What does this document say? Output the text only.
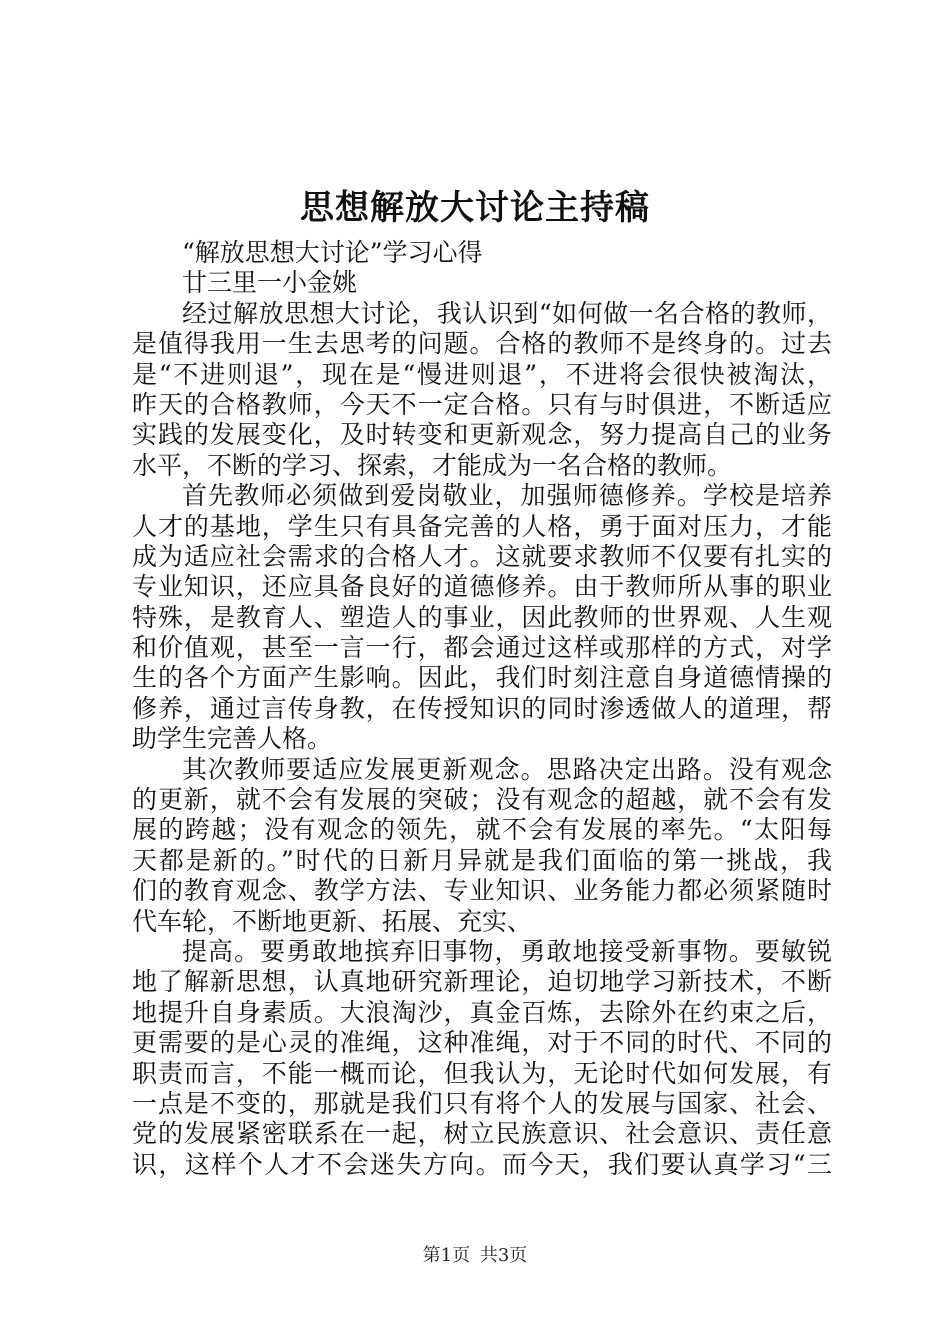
思想解放大讨论主持稿
“解放思想大讨论”学习心得
廿三里一小金姚
经过解放思想大讨论，我认识到“如何做一名合格的教师，
是值得我用一生去思考的问题。合格的教师不是终身的。过去
是“不进则退”，现在是“慢进则退”，不进将会很快被淘汰，
昨天的合格教师，今天不一定合格。只有与时俱进，不断适应
实践的发展变化，及时转变和更新观念，努力提高自己的业务
水平，不断的学习、探索，才能成为一名合格的教师。
首先教师必须做到爱岗敬业，加强师德修养。学校是培养
人才的基地，学生只有具备完善的人格，勇于面对压力，才能
成为适应社会需求的合格人才。这就要求教师不仅要有扎实的
专业知识，还应具备良好的道德修养。由于教师所从事的职业
特殊，是教育人、塑造人的事业，因此教师的世界观、人生观
和价值观，甚至一言一行，都会通过这样或那样的方式，对学
生的各个方面产生影响。因此，我们时刻注意自身道德情操的
修养，通过言传身教，在传授知识的同时渗透做人的道理，帮
助学生完善人格。
其次教师要适应发展更新观念。思路决定出路。没有观念
的更新，就不会有发展的突破；没有观念的超越，就不会有发
展的跨越；没有观念的领先，就不会有发展的率先。“太阳每
天都是新的。”时代的日新月异就是我们面临的第一挑战，我
们的教育观念、教学方法、专业知识、业务能力都必须紧随时
代车轮，不断地更新、拓展、充实、
提高。要勇敢地摈弃旧事物，勇敢地接受新事物。要敏锐
地了解新思想，认真地研究新理论，迫切地学习新技术，不断
地提升自身素质。大浪淘沙，真金百炼，去除外在约束之后，
更需要的是心灵的准绳，这种准绳，对于不同的时代、不同的
职责而言，不能一概而论，但我认为，无论时代如何发展，有
一点是不变的，那就是我们只有将个人的发展与国家、社会、
党的发展紧密联系在一起，树立民族意识、社会意识、责任意
识，这样个人才不会迷失方向。而今天，我们要认真学习“三
第1页 共3页
